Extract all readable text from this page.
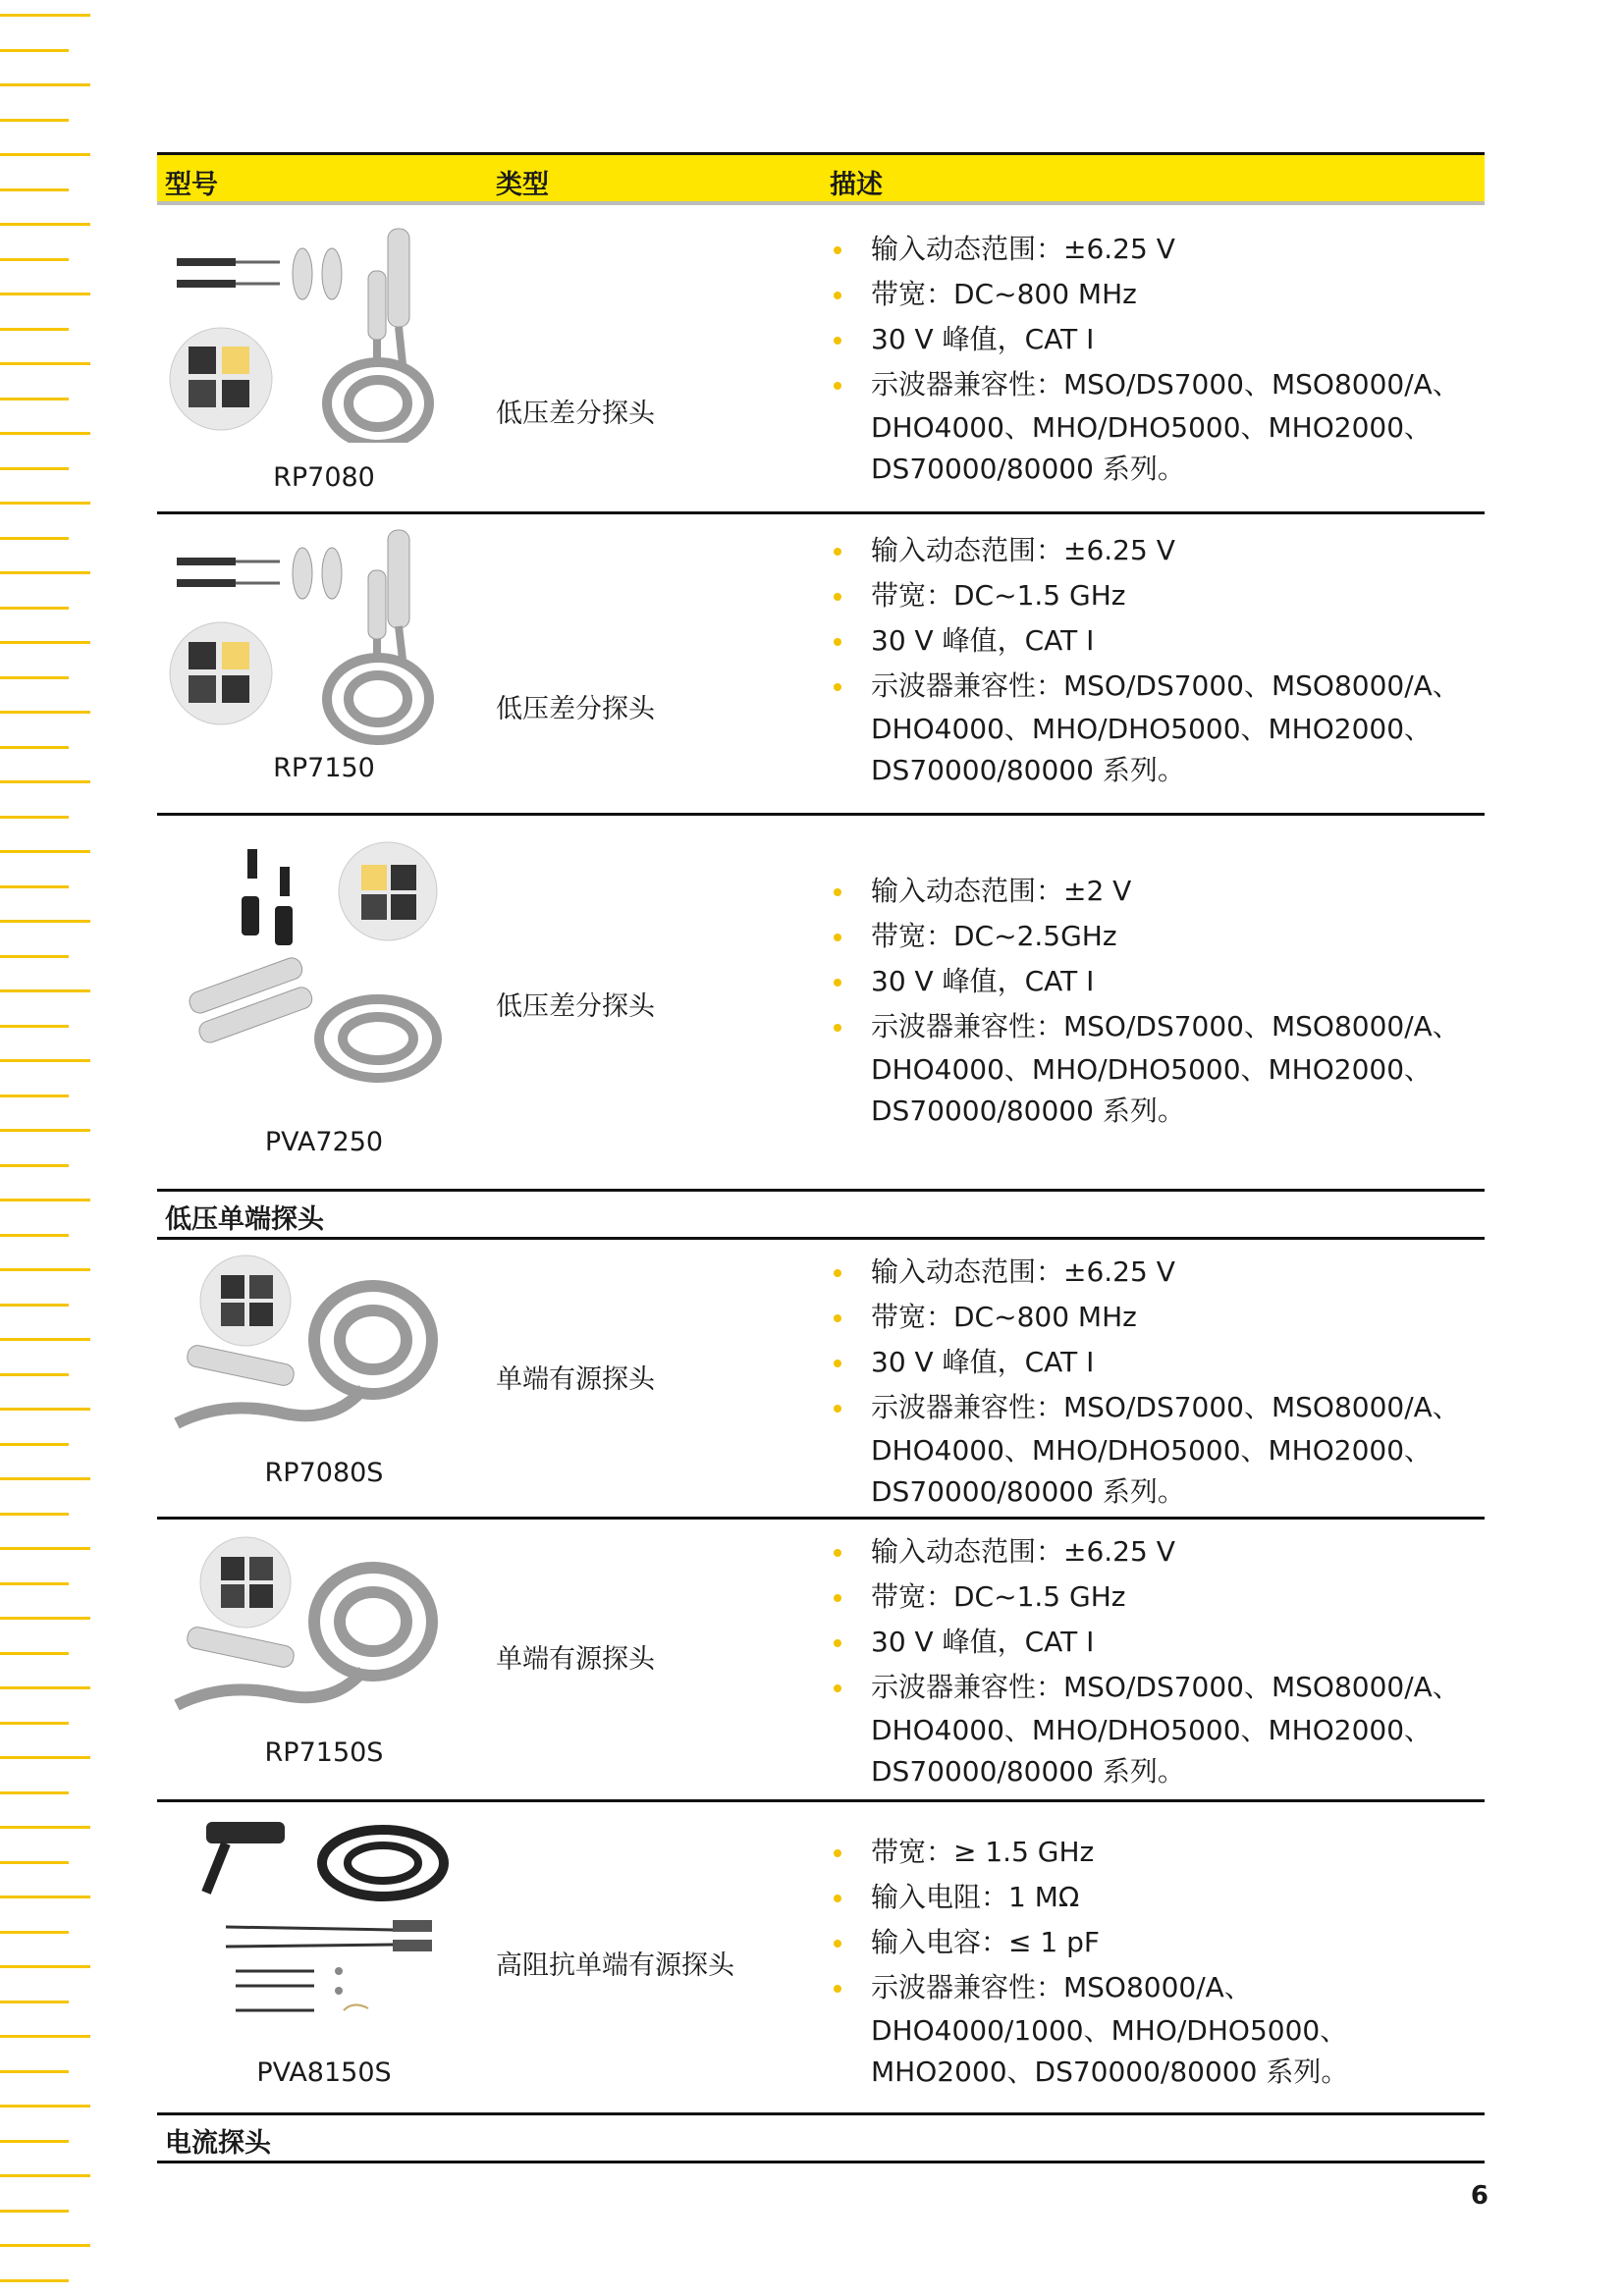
型号	类型	描述
RP7080
低压差分探头
输入动态范围：±6.25 V
带宽：DC~800 MHz
30 V 峰值，CAT I
示波器兼容性：MSO/DS7000、MSO8000/A、
DHO4000、MHO/DHO5000、MHO2000、
DS70000/80000 系列。
RP7150
低压差分探头
输入动态范围：±6.25 V
带宽：DC~1.5 GHz
30 V 峰值，CAT I
示波器兼容性：MSO/DS7000、MSO8000/A、
DHO4000、MHO/DHO5000、MHO2000、
DS70000/80000 系列。
PVA7250
低压差分探头
输入动态范围：±2 V
带宽：DC~2.5GHz
30 V 峰值，CAT I
示波器兼容性：MSO/DS7000、MSO8000/A、
DHO4000、MHO/DHO5000、MHO2000、
DS70000/80000 系列。
低压单端探头
RP7080S
单端有源探头
输入动态范围：±6.25 V
带宽：DC~800 MHz
30 V 峰值，CAT I
示波器兼容性：MSO/DS7000、MSO8000/A、
DHO4000、MHO/DHO5000、MHO2000、
DS70000/80000 系列。
RP7150S
单端有源探头
输入动态范围：±6.25 V
带宽：DC~1.5 GHz
30 V 峰值，CAT I
示波器兼容性：MSO/DS7000、MSO8000/A、
DHO4000、MHO/DHO5000、MHO2000、
DS70000/80000 系列。
PVA8150S
高阻抗单端有源探头
带宽：≥ 1.5 GHz
输入电阻：1 MΩ
输入电容：≤ 1 pF
示波器兼容性：MSO8000/A、
DHO4000/1000、MHO/DHO5000、
MHO2000、DS70000/80000 系列。
电流探头
6
